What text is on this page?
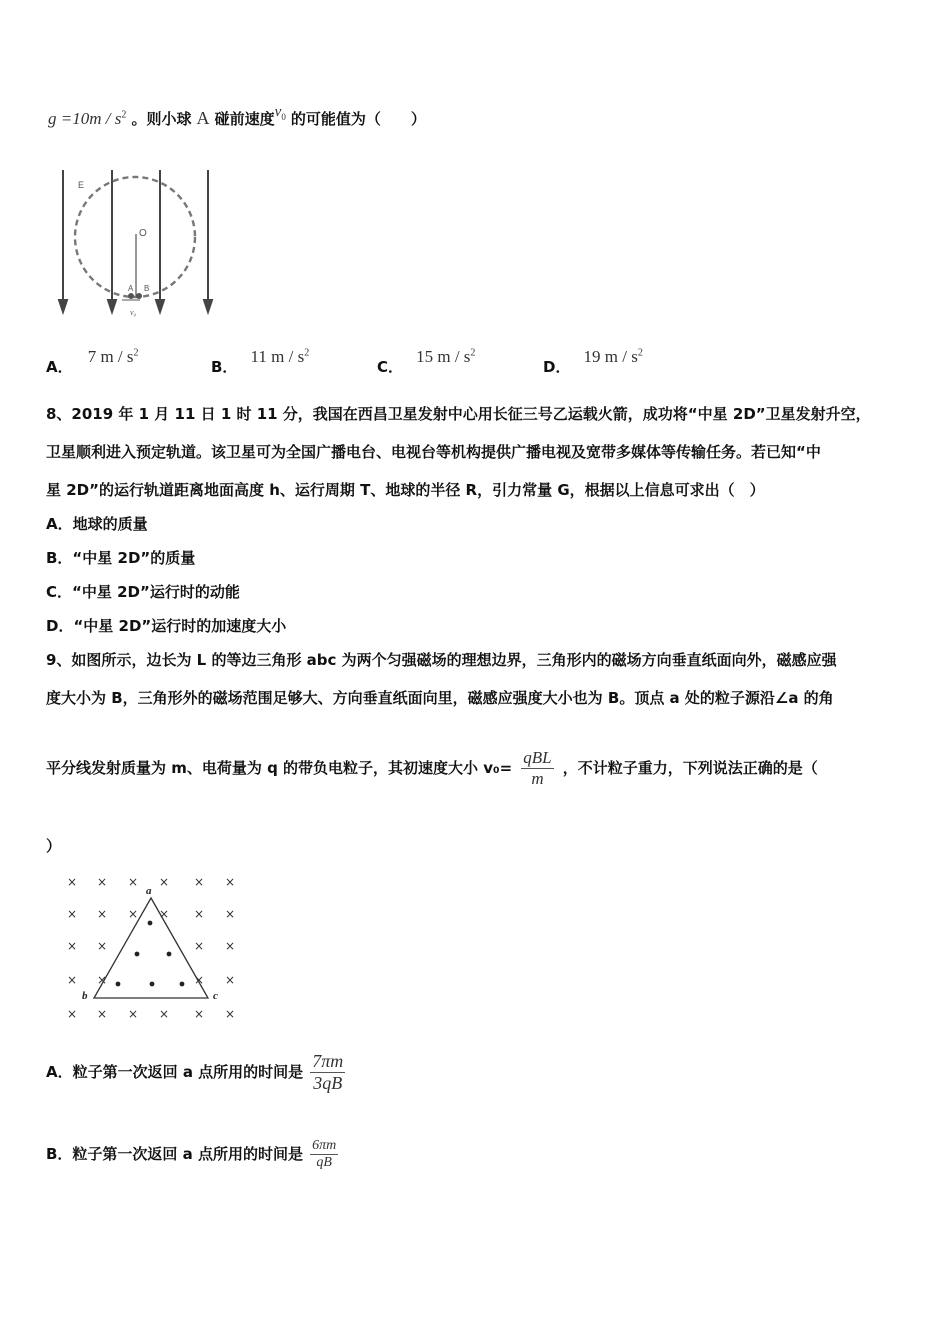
$g =10m / s^2$ 。则小球 A 碰前速度$v^0$ 的可能值为（　　）
E
O
A B
v₀
A． 7 m / $s^2$
B． 11 m / $s^2$
C． 15 m / $s^2$
D． 19 m / $s^2$
8、2019 年 1 月 11 日 1 时 11 分，我国在西昌卫星发射中心用长征三号乙运载火箭，成功将“中星 2D”卫星发射升空，
卫星顺利进入预定轨道。该卫星可为全国广播电台、电视台等机构提供广播电视及宽带多媒体等传输任务。若已知“中
星 2D”的运行轨道距离地面高度 h、运行周期 T、地球的半径 R，引力常量 G，根据以上信息可求出（　）
A．地球的质量
B．“中星 2D”的质量
C．“中星 2D”运行时的动能
D．“中星 2D”运行时的加速度大小
9、如图所示，边长为 L 的等边三角形 abc 为两个匀强磁场的理想边界，三角形内的磁场方向垂直纸面向外，磁感应强
度大小为 B，三角形外的磁场范围足够大、方向垂直纸面向里，磁感应强度大小也为 B。顶点 a 处的粒子源沿∠a 的角
平分线发射质量为 m、电荷量为 q 的带负电粒子，其初速度大小 $v_0= \frac{\text{qBL}}{m}$ ，不计粒子重力，下列说法正确的是（
）
× × × × × ×
× × × × × ×
× ×	× ×
× ×	× ×
× × × × × ×
a
b	c
A．粒子第一次返回 a 点所用的时间是 $\frac{7\pi m}{3qB}$
B．粒子第一次返回 a 点所用的时间是 $\frac{6\pi m}{qB}$
